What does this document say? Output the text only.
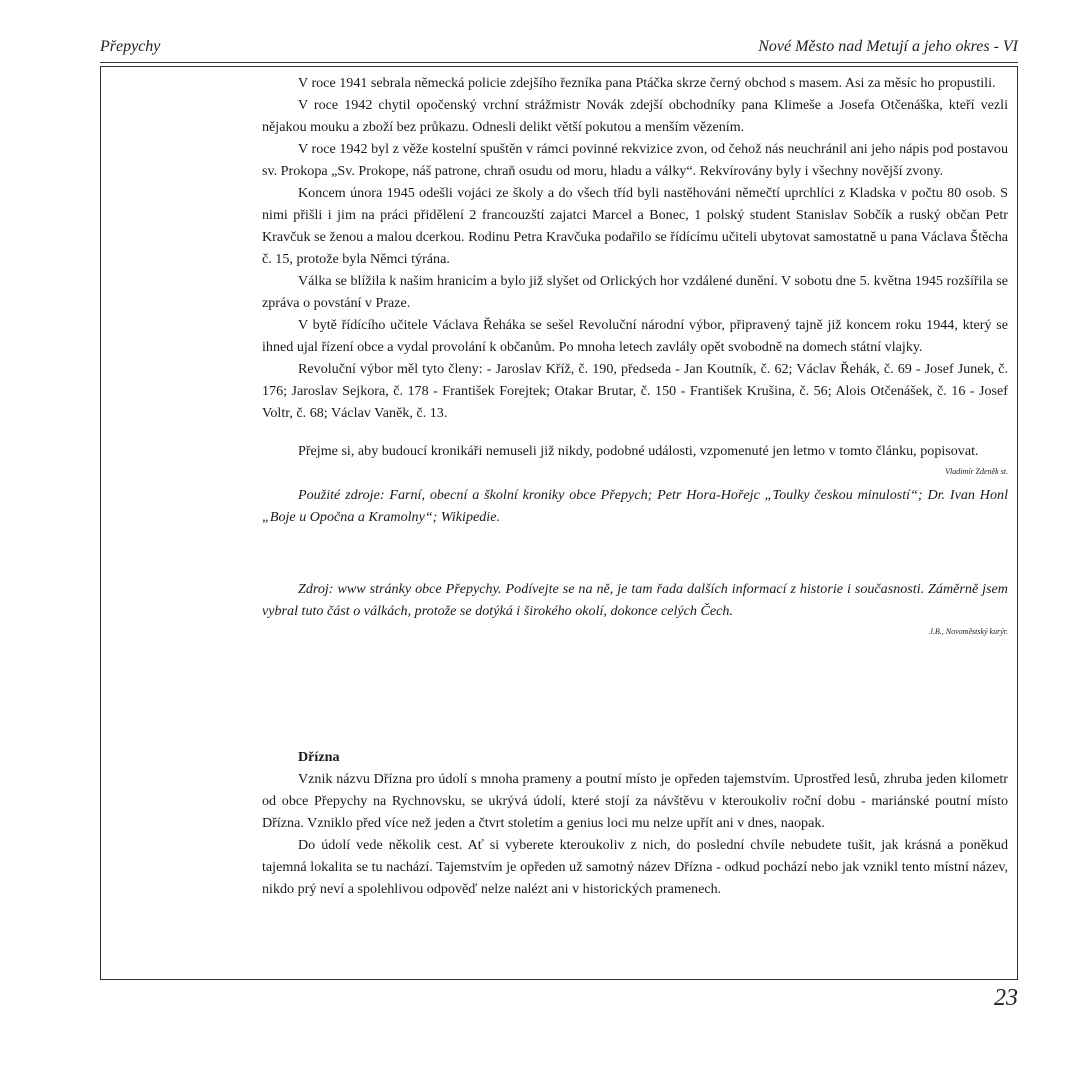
Přepychy	Nové Město nad Metují a jeho okres - VI

V roce 1941 sebrala německá policie zdejšího řezníka pana Ptáčka skrze černý obchod s masem. Asi za měsíc ho propustili.

V roce 1942 chytil opočenský vrchní strážmistr Novák zdejší obchodníky pana Klimeše a Josefa Otčenáška, kteří vezli nějakou mouku a zboží bez průkazu. Odnesli delikt větší pokutou a menším vězením.

V roce 1942 byl z věže kostelní spuštěn v rámci povinné rekvizice zvon, od čehož nás neuchránil ani jeho nápis pod postavou sv. Prokopa „Sv. Prokope, náš patrone, chraň osudu od moru, hladu a války“. Rekvírovány byly i všechny novější zvony.

Koncem února 1945 odešli vojáci ze školy a do všech tříd byli nastěhováni němečtí uprchlíci z Kladska v počtu 80 osob. S nimi přišli i jim na práci přidělení 2 francouzští zajatci Marcel a Bonec, 1 polský student Stanislav Sobčík a ruský občan Petr Kravčuk se ženou a malou dcerkou. Rodinu Petra Kravčuka podařilo se řídícímu učiteli ubytovat samostatně u pana Václava Štěcha č. 15, protože byla Němci týrána.

Válka se blížila k našim hranicím a bylo již slyšet od Orlických hor vzdálené dunění. V sobotu dne 5. května 1945 rozšířila se zpráva o povstání v Praze.

V bytě řídícího učitele Václava Řeháka se sešel Revoluční národní výbor, připravený tajně již koncem roku 1944, který se ihned ujal řízení obce a vydal provolání k občanům. Po mnoha letech zavlály opět svobodně na domech státní vlajky.

Revoluční výbor měl tyto členy: - Jaroslav Kříž, č. 190, předseda - Jan Koutník, č. 62; Václav Řehák, č. 69 - Josef Junek, č. 176; Jaroslav Sejkora, č. 178 - František Forejtek; Otakar Brutar, č. 150 - František Krušina, č. 56; Alois Otčenášek, č. 16 - Josef Voltr, č. 68; Václav Vaněk, č. 13.

Přejme si, aby budoucí kronikáři nemuseli již nikdy, podobné události, vzpomenuté jen letmo v tomto článku, popisovat.

Vladimír Zdeněk st.

Použité zdroje: Farní, obecní a školní kroniky obce Přepych; Petr Hora-Hořejc „Toulky českou minulostí“; Dr. Ivan Honl „Boje u Opočna a Kramolny“; Wikipedie.

Zdroj: www stránky obce Přepychy. Podívejte se na ně, je tam řada dalších informací z historie i současnosti. Záměrně jsem vybral tuto část o válkách, protože se dotýká i širokého okolí, dokonce celých Čech.

J.B., Novoměstský kurýr.
Dřízna

Vznik názvu Dřízna pro údolí s mnoha prameny a poutní místo je opředen tajemstvím. Uprostřed lesů, zhruba jeden kilometr od obce Přepychy na Rychnovsku, se ukrývá údolí, které stojí za návštěvu v kteroukoliv roční dobu - mariánské poutní místo Dřízna. Vzniklo před více než jeden a čtvrt stoletím a genius loci mu nelze upřít ani v dnes, naopak.

Do údolí vede několik cest. Ať si vyberete kteroukoliv z nich, do poslední chvíle nebudete tušit, jak krásná a poněkud tajemná lokalita se tu nachází. Tajemstvím je opředen už samotný název Dřízna - odkud pochází nebo jak vznikl tento místní název, nikdo prý neví a spolehlivou odpověď nelze nalézt ani v historických pramenech.

23
